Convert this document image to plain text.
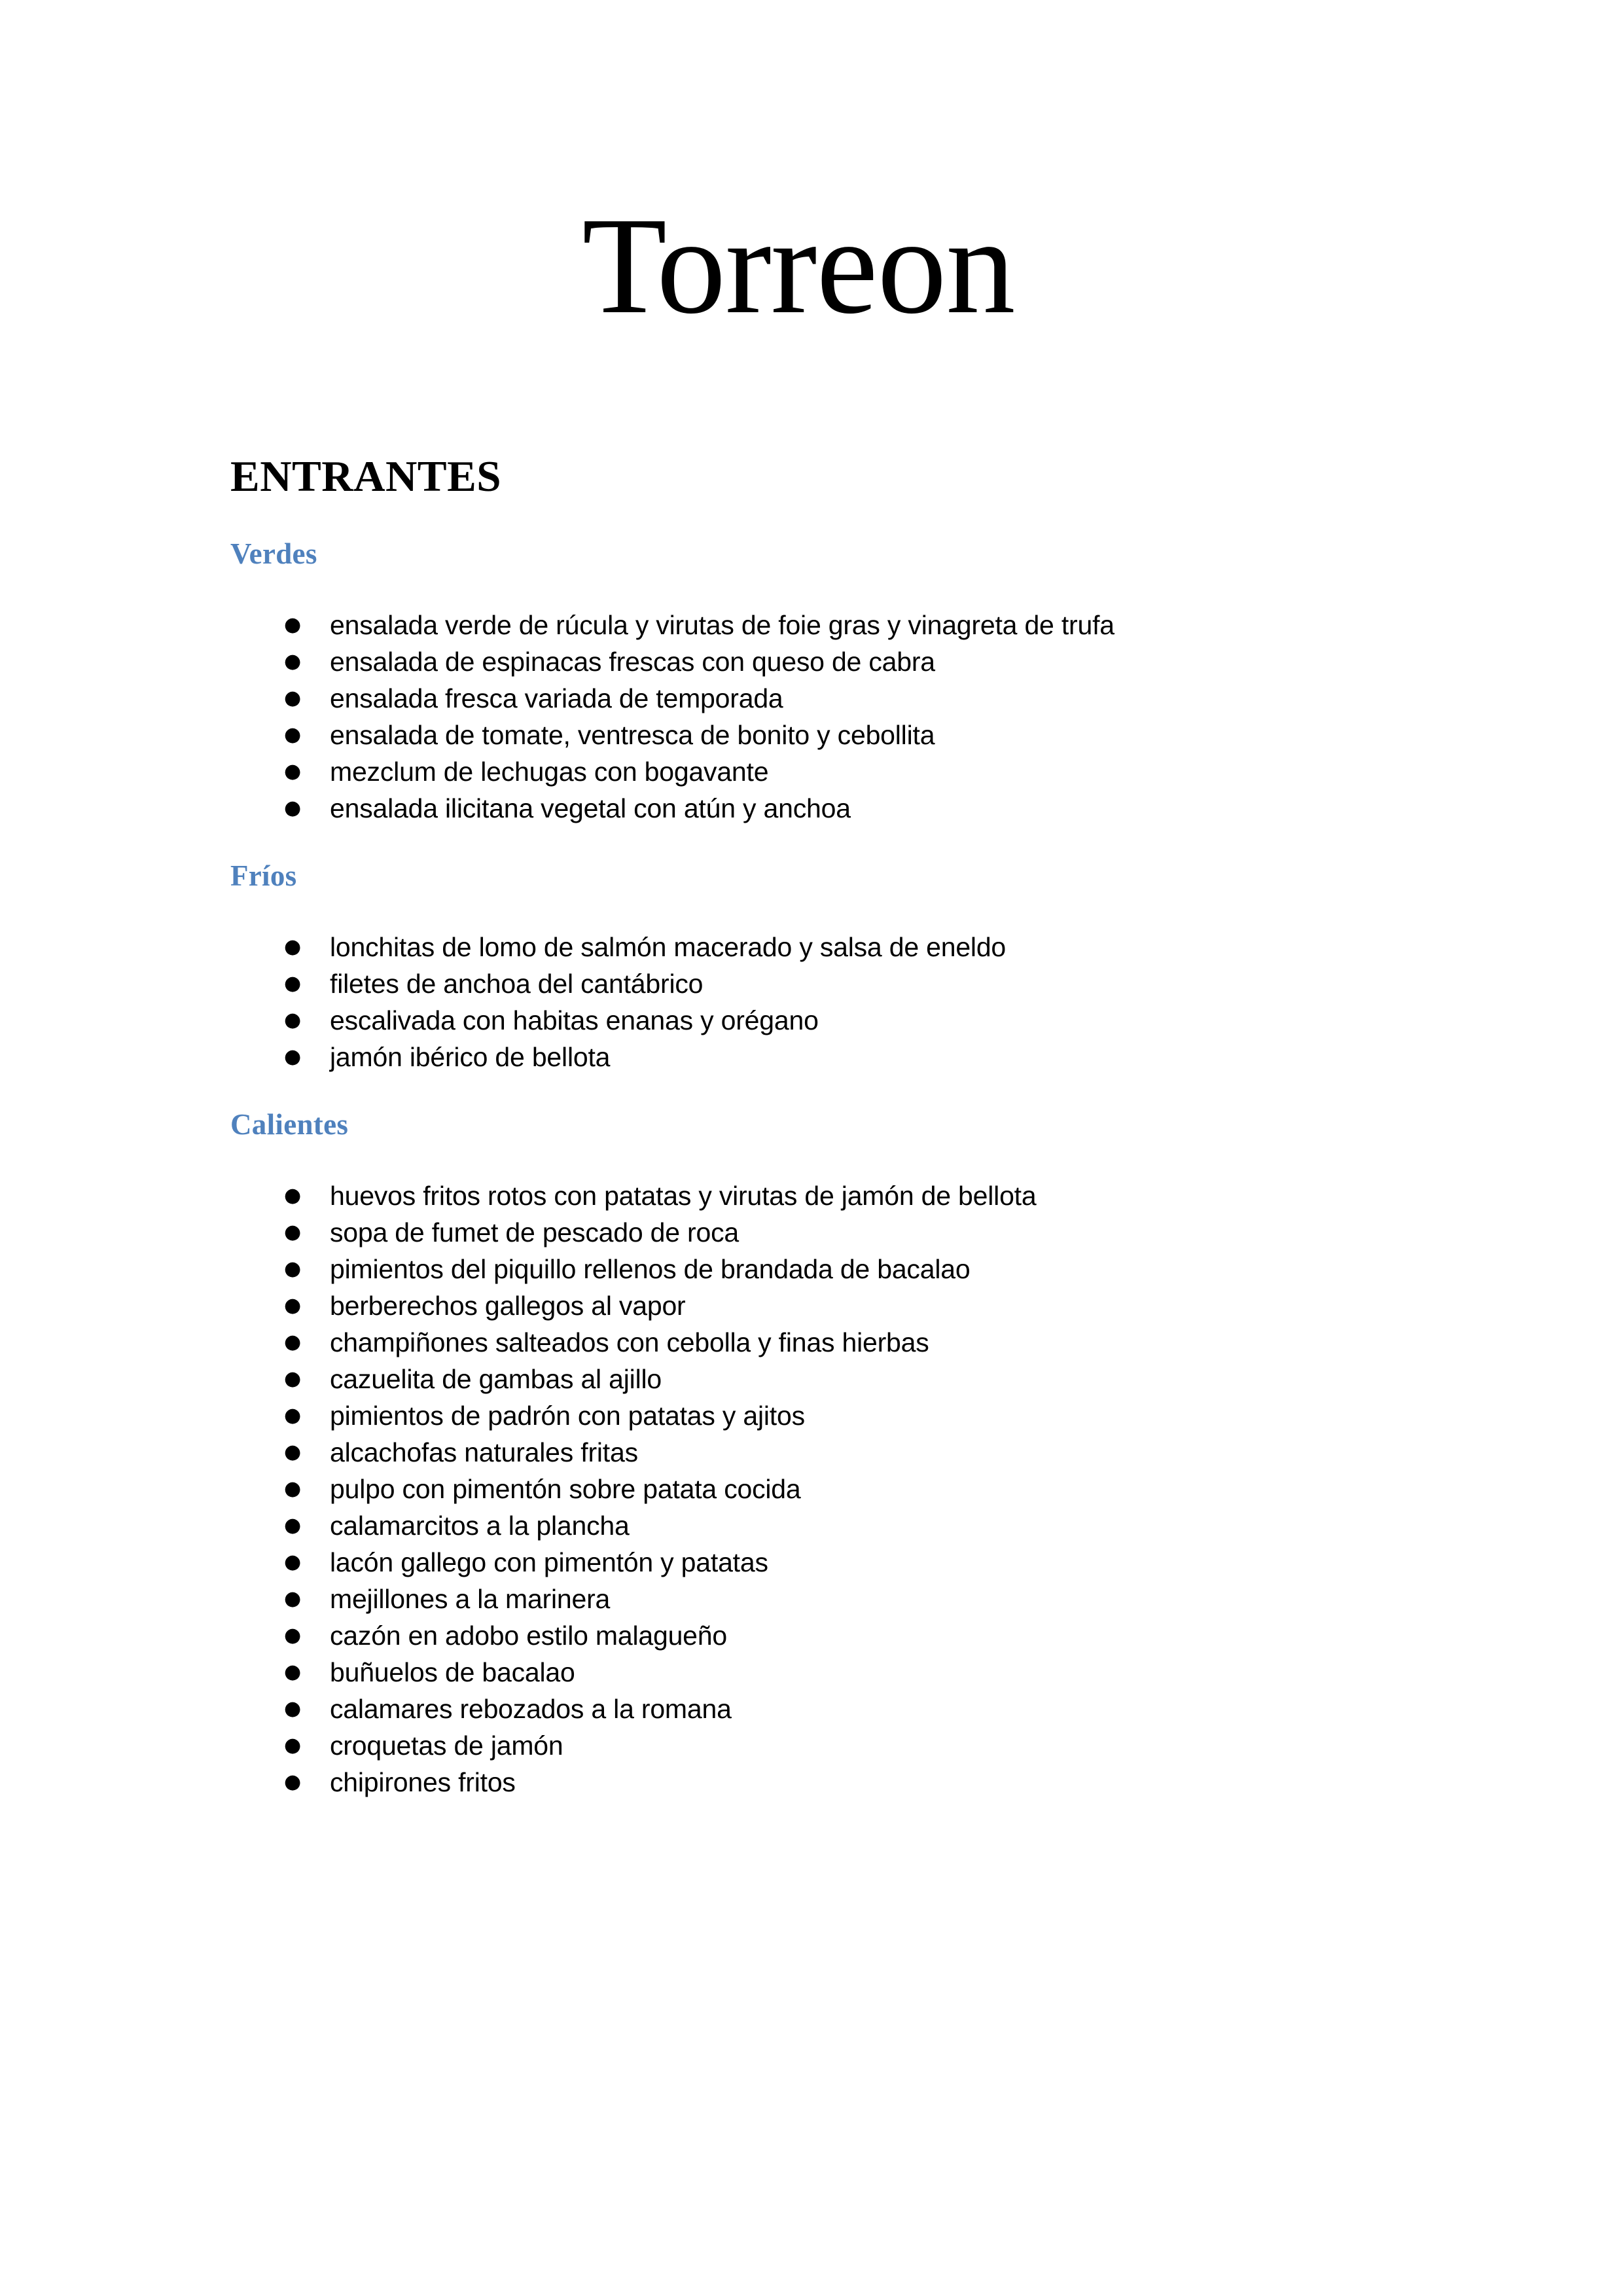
Torreon
ENTRANTES
Verdes
● ensalada verde de rúcula y virutas de foie gras y vinagreta de trufa
● ensalada de espinacas frescas con queso de cabra
● ensalada fresca variada de temporada
● ensalada de tomate, ventresca de bonito y cebollita
● mezclum de lechugas con bogavante
● ensalada ilicitana vegetal con atún y anchoa
Fríos
● lonchitas de lomo de salmón macerado y salsa de eneldo
● filetes de anchoa del cantábrico
● escalivada con habitas enanas y orégano
● jamón ibérico de bellota
Calientes
● huevos fritos rotos con patatas y virutas de jamón de bellota
● sopa de fumet de pescado de roca
● pimientos del piquillo rellenos de brandada de bacalao
● berberechos gallegos al vapor
● champiñones salteados con cebolla y finas hierbas
● cazuelita de gambas al ajillo
● pimientos de padrón con patatas y ajitos
● alcachofas naturales fritas
● pulpo con pimentón sobre patata cocida
● calamarcitos a la plancha
● lacón gallego con pimentón y patatas
● mejillones a la marinera
● cazón en adobo estilo malagueño
● buñuelos de bacalao
● calamares rebozados a la romana
● croquetas de jamón
● chipirones fritos
